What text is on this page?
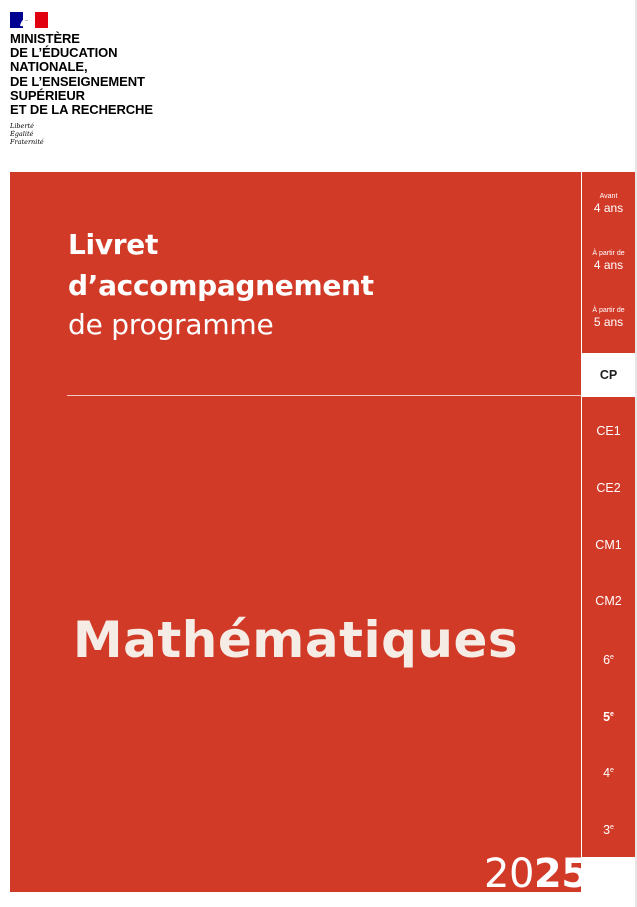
MINISTÈRE
DE L’ÉDUCATION
NATIONALE,
DE L’ENSEIGNEMENT
SUPÉRIEUR
ET DE LA RECHERCHE
Liberté
Égalité
Fraternité
Livret
d’accompagnement
de programme
Mathématiques
Avant
4 ans
À partir de
4 ans
À partir de
5 ans
CP
CE1
CE2
CM1
CM2
6e
5e
4e
3e
2025
